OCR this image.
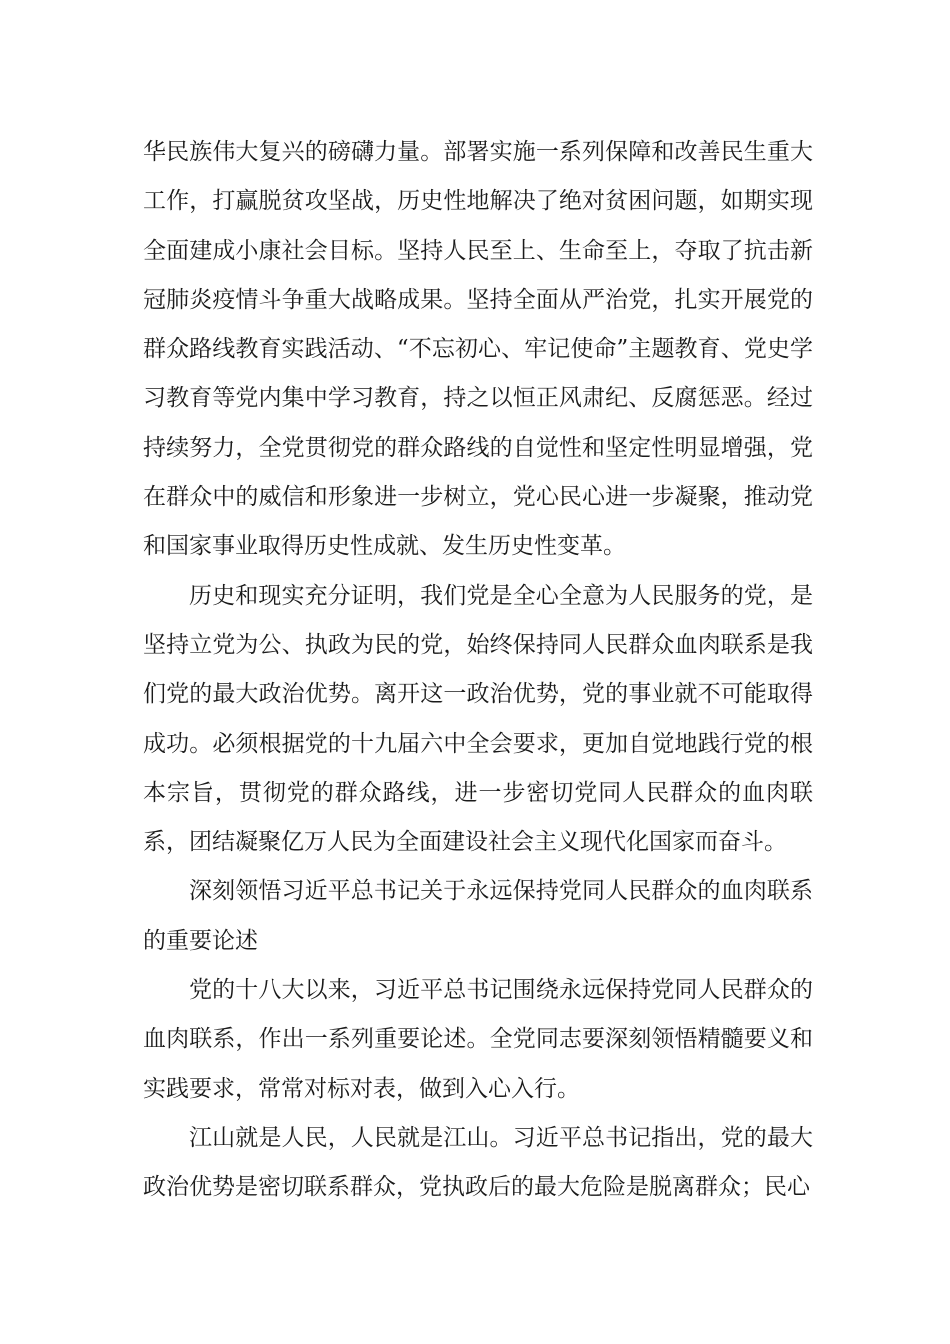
华民族伟大复兴的磅礴力量。部署实施一系列保障和改善民生重大工作，打赢脱贫攻坚战，历史性地解决了绝对贫困问题，如期实现全面建成小康社会目标。坚持人民至上、生命至上，夺取了抗击新冠肺炎疫情斗争重大战略成果。坚持全面从严治党，扎实开展党的群众路线教育实践活动、“不忘初心、牢记使命”主题教育、党史学习教育等党内集中学习教育，持之以恒正风肃纪、反腐惩恶。经过持续努力，全党贯彻党的群众路线的自觉性和坚定性明显增强，党在群众中的威信和形象进一步树立，党心民心进一步凝聚，推动党和国家事业取得历史性成就、发生历史性变革。

历史和现实充分证明，我们党是全心全意为人民服务的党，是坚持立党为公、执政为民的党，始终保持同人民群众血肉联系是我们党的最大政治优势。离开这一政治优势，党的事业就不可能取得成功。必须根据党的十九届六中全会要求，更加自觉地践行党的根本宗旨，贯彻党的群众路线，进一步密切党同人民群众的血肉联系，团结凝聚亿万人民为全面建设社会主义现代化国家而奋斗。

深刻领悟习近平总书记关于永远保持党同人民群众的血肉联系的重要论述

党的十八大以来，习近平总书记围绕永远保持党同人民群众的血肉联系，作出一系列重要论述。全党同志要深刻领悟精髓要义和实践要求，常常对标对表，做到入心入行。

江山就是人民，人民就是江山。习近平总书记指出，党的最大政治优势是密切联系群众，党执政后的最大危险是脱离群众；民心
